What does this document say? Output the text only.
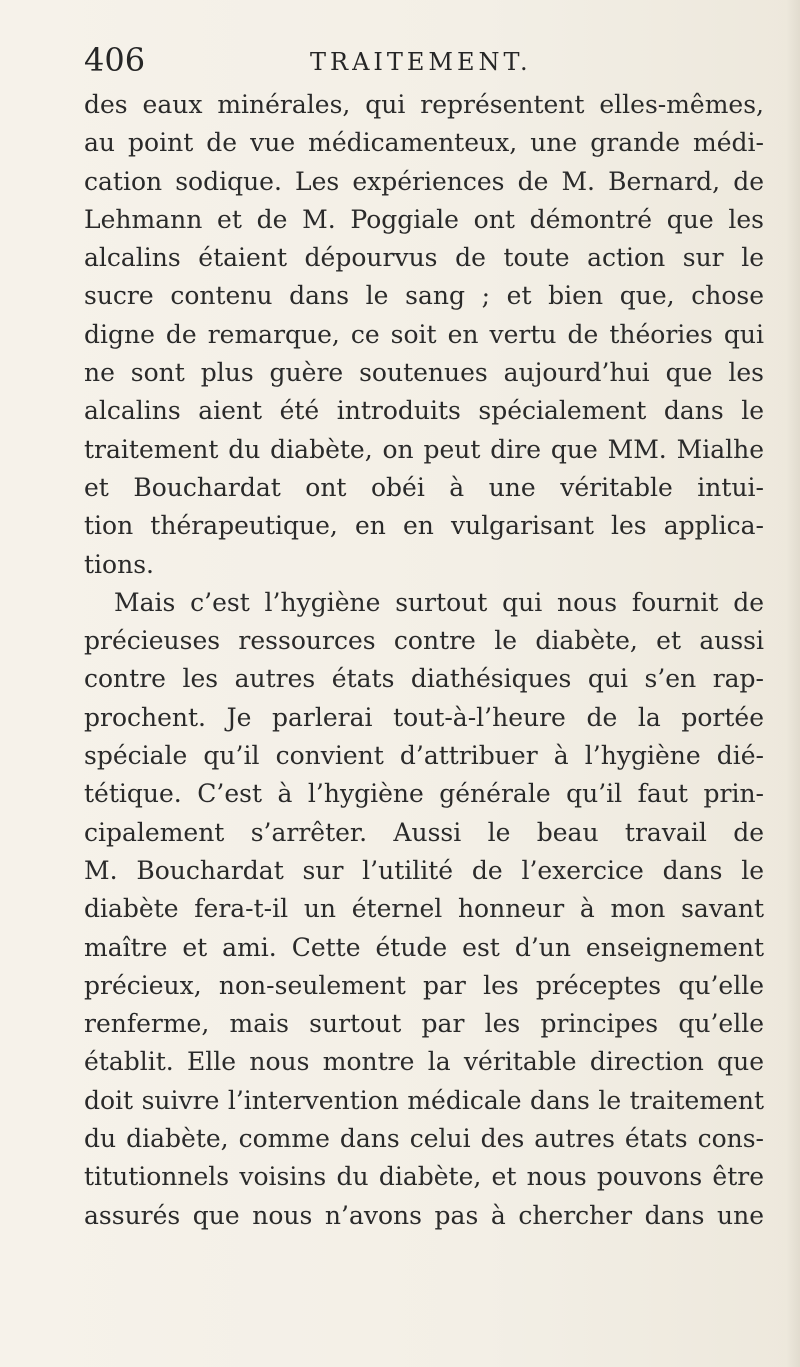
406	TRAITEMENT.
des eaux minérales, qui représentent elles-mêmes,
au point de vue médicamenteux, une grande médi-
cation sodique. Les expériences de M. Bernard, de
Lehmann et de M. Poggiale ont démontré que les
alcalins étaient dépourvus de toute action sur le
sucre contenu dans le sang ; et bien que, chose
digne de remarque, ce soit en vertu de théories qui
ne sont plus guère soutenues aujourd’hui que les
alcalins aient été introduits spécialement dans le
traitement du diabète, on peut dire que MM. Mialhe
et Bouchardat ont obéi à une véritable intui-
tion thérapeutique, en en vulgarisant les applica-
tions.
Mais c’est l’hygiène surtout qui nous fournit de
précieuses ressources contre le diabète, et aussi
contre les autres états diathésiques qui s’en rap-
prochent. Je parlerai tout-à-l’heure de la portée
spéciale qu’il convient d’attribuer à l’hygiène dié-
tétique. C’est à l’hygiène générale qu’il faut prin-
cipalement s’arrêter. Aussi le beau travail de
M. Bouchardat sur l’utilité de l’exercice dans le
diabète fera-t-il un éternel honneur à mon savant
maître et ami. Cette étude est d’un enseignement
précieux, non-seulement par les préceptes qu’elle
renferme, mais surtout par les principes qu’elle
établit. Elle nous montre la véritable direction que
doit suivre l’intervention médicale dans le traitement
du diabète, comme dans celui des autres états cons-
titutionnels voisins du diabète, et nous pouvons être
assurés que nous n’avons pas à chercher dans une
